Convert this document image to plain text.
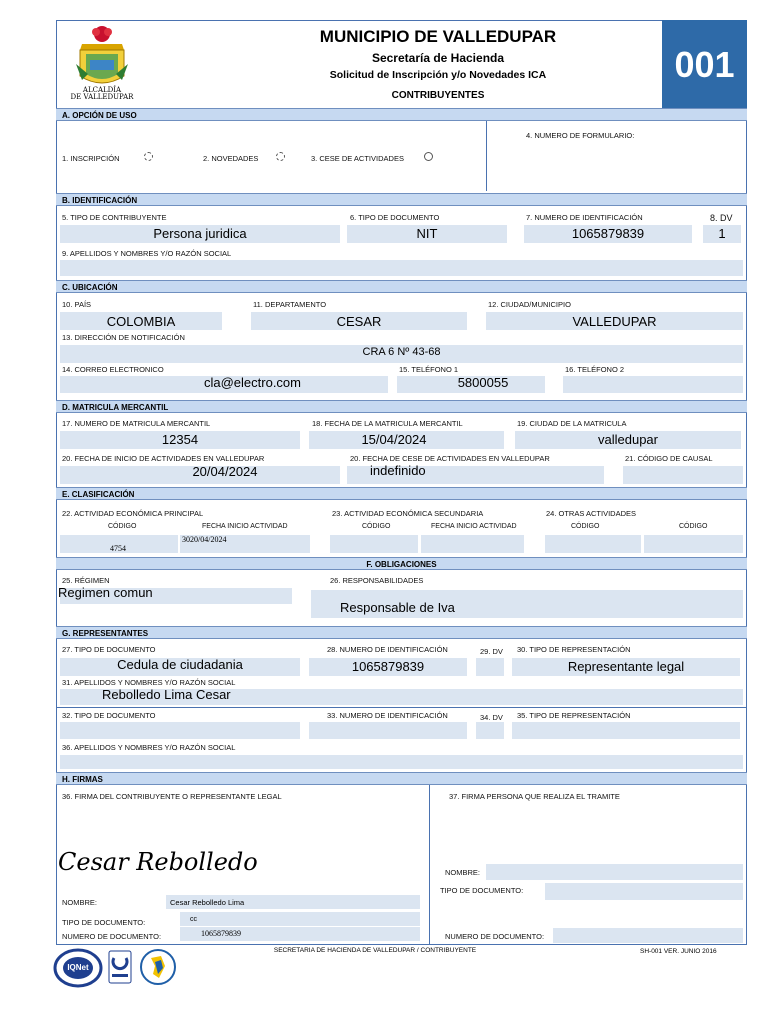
ALCALDÍA
DE VALLEDUPAR
MUNICIPIO DE VALLEDUPAR
Secretaría de Hacienda
Solicitud de Inscripción y/o Novedades ICA
CONTRIBUYENTES
001
A. OPCIÓN DE USO
1. INSCRIPCIÓN	2. NOVEDADES	3. CESE DE ACTIVIDADES
4. NUMERO DE FORMULARIO:
B. IDENTIFICACIÓN
5. TIPO DE CONTRIBUYENTE
Persona juridica
6. TIPO DE DOCUMENTO
NIT
7. NUMERO DE IDENTIFICACIÓN
1065879839
8. DV
1
9. APELLIDOS Y NOMBRES Y/O RAZÓN SOCIAL
C. UBICACIÓN
10. PAÍS
COLOMBIA
11. DEPARTAMENTO
CESAR
12. CIUDAD/MUNICIPIO
VALLEDUPAR
13. DIRECCIÓN DE NOTIFICACIÓN
CRA 6 Nº 43-68
14. CORREO ELECTRONICO
cla@electro.com
15. TELÉFONO 1
5800055
16. TELÉFONO 2
D. MATRICULA MERCANTIL
17. NUMERO DE MATRICULA MERCANTIL
12354
18. FECHA DE LA MATRICULA MERCANTIL
15/04/2024
19. CIUDAD DE LA MATRICULA
valledupar
20. FECHA DE INICIO DE ACTIVIDADES EN VALLEDUPAR
20/04/2024
20. FECHA DE CESE DE ACTIVIDADES EN VALLEDUPAR
indefinido
21. CÓDIGO DE CAUSAL
E. CLASIFICACIÓN
22. ACTIVIDAD ECONÓMICA PRINCIPAL	23. ACTIVIDAD ECONÓMICA SECUNDARIA	24. OTRAS ACTIVIDADES
CÓDIGO	FECHA INICIO ACTIVIDAD	CÓDIGO	FECHA INICIO ACTIVIDAD	CÓDIGO	CÓDIGO
4754
3020/04/2024
F. OBLIGACIONES
25. RÉGIMEN
Regimen comun
26. RESPONSABILIDADES
Responsable de Iva
G. REPRESENTANTES
27. TIPO DE DOCUMENTO
Cedula de ciudadania
28. NUMERO DE IDENTIFICACIÓN
1065879839
29. DV 30. TIPO DE REPRESENTACIÓN
Representante legal
31. APELLIDOS Y NOMBRES Y/O RAZÓN SOCIAL
Rebolledo Lima Cesar
32. TIPO DE DOCUMENTO	33. NUMERO DE IDENTIFICACIÓN	34. DV 35. TIPO DE REPRESENTACIÓN
36. APELLIDOS Y NOMBRES Y/O RAZÓN SOCIAL
H. FIRMAS
36. FIRMA DEL CONTRIBUYENTE O REPRESENTANTE LEGAL	37. FIRMA PERSONA QUE REALIZA EL TRAMITE
Cesar Rebolledo
NOMBRE:	Cesar Rebolledo Lima
TIPO DE DOCUMENTO:	cc
NUMERO DE DOCUMENTO:	1065879839
NOMBRE:
TIPO DE DOCUMENTO:
NUMERO DE DOCUMENTO:
SECRETARIA DE HACIENDA DE VALLEDUPAR / CONTRIBUYENTE	SH-001 VER. JUNIO 2016
IQNet
